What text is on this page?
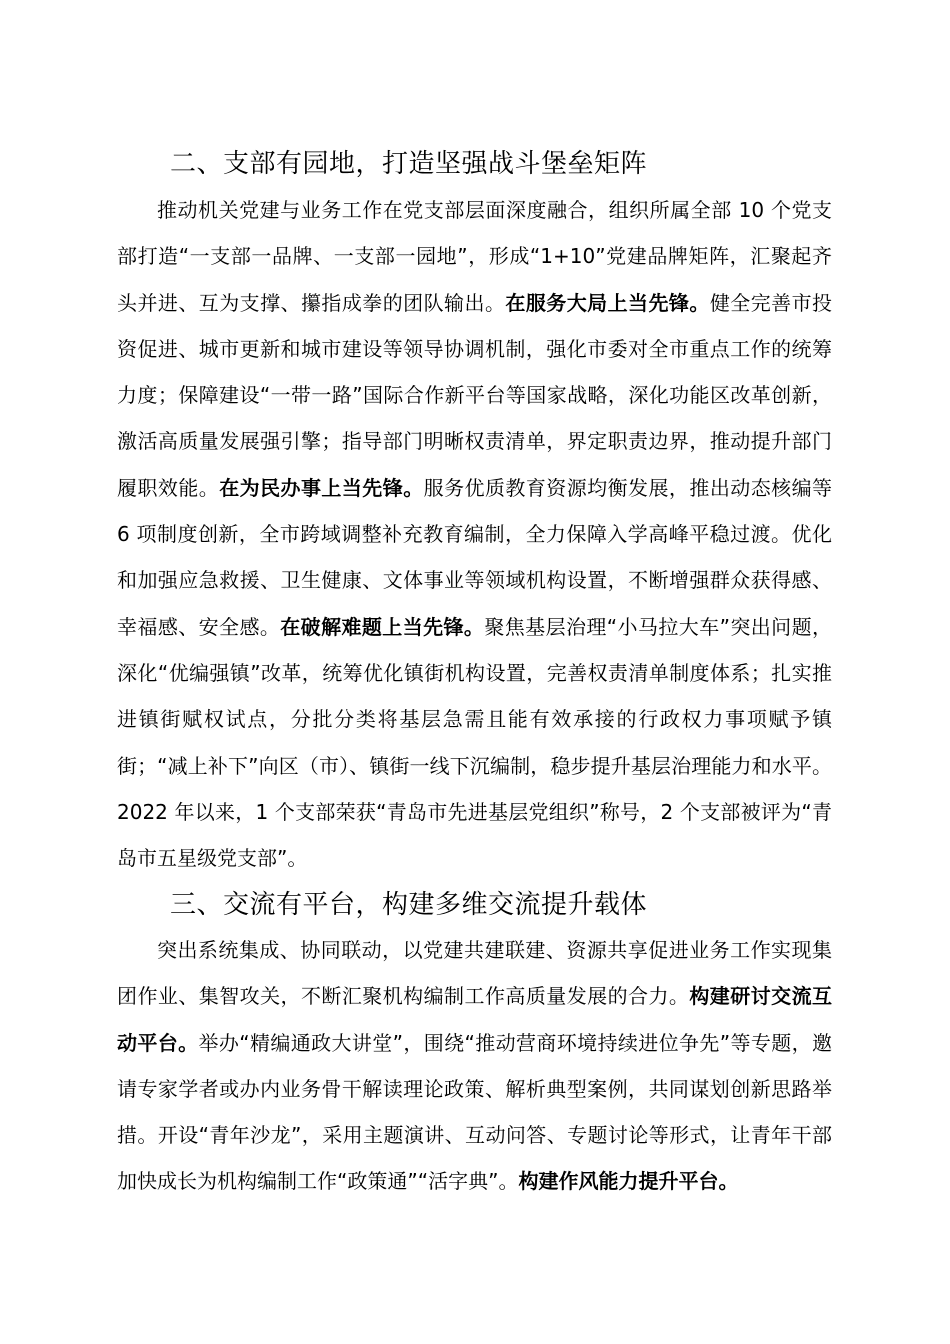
二、支部有园地，打造坚强战斗堡垒矩阵

推动机关党建与业务工作在党支部层面深度融合，组织所属全部 10 个党支部打造“一支部一品牌、一支部一园地”，形成“1+10”党建品牌矩阵，汇聚起齐头并进、互为支撑、攥指成拳的团队输出。在服务大局上当先锋。健全完善市投资促进、城市更新和城市建设等领导协调机制，强化市委对全市重点工作的统筹力度；保障建设“一带一路”国际合作新平台等国家战略，深化功能区改革创新，激活高质量发展强引擎；指导部门明晰权责清单，界定职责边界，推动提升部门履职效能。在为民办事上当先锋。服务优质教育资源均衡发展，推出动态核编等 6 项制度创新，全市跨域调整补充教育编制，全力保障入学高峰平稳过渡。优化和加强应急救援、卫生健康、文体事业等领域机构设置，不断增强群众获得感、幸福感、安全感。在破解难题上当先锋。聚焦基层治理“小马拉大车”突出问题，深化“优编强镇”改革，统筹优化镇街机构设置，完善权责清单制度体系；扎实推进镇街赋权试点，分批分类将基层急需且能有效承接的行政权力事项赋予镇街；“减上补下”向区（市）、镇街一线下沉编制，稳步提升基层治理能力和水平。2022 年以来，1 个支部荣获“青岛市先进基层党组织”称号，2 个支部被评为“青岛市五星级党支部”。

三、交流有平台，构建多维交流提升载体

突出系统集成、协同联动，以党建共建联建、资源共享促进业务工作实现集团作业、集智攻关，不断汇聚机构编制工作高质量发展的合力。构建研讨交流互动平台。举办“精编通政大讲堂”，围绕“推动营商环境持续进位争先”等专题，邀请专家学者或办内业务骨干解读理论政策、解析典型案例，共同谋划创新思路举措。开设“青年沙龙”，采用主题演讲、互动问答、专题讨论等形式，让青年干部加快成长为机构编制工作“政策通”“活字典”。构建作风能力提升平台。
